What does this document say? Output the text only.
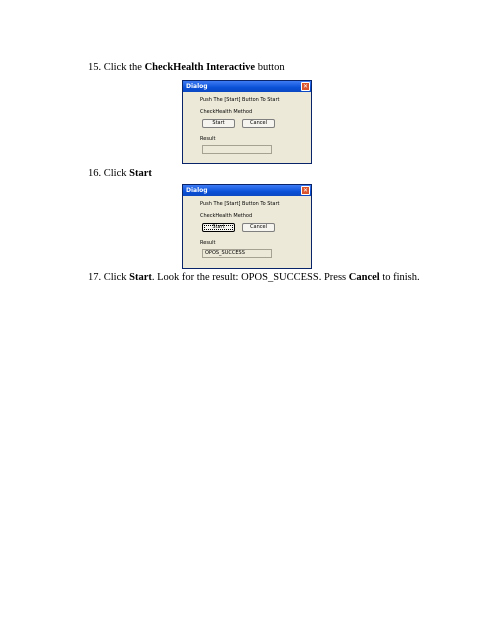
15. Click the CheckHealth Interactive button
Dialog	✕
Push The [Start] Button To Start
CheckHealth Method
Start	Cancel
Result
16. Click Start
Dialog	✕
Push The [Start] Button To Start
CheckHealth Method
Start	Cancel
Result
OPOS_SUCCESS
17. Click Start. Look for the result: OPOS_SUCCESS. Press Cancel to finish.
